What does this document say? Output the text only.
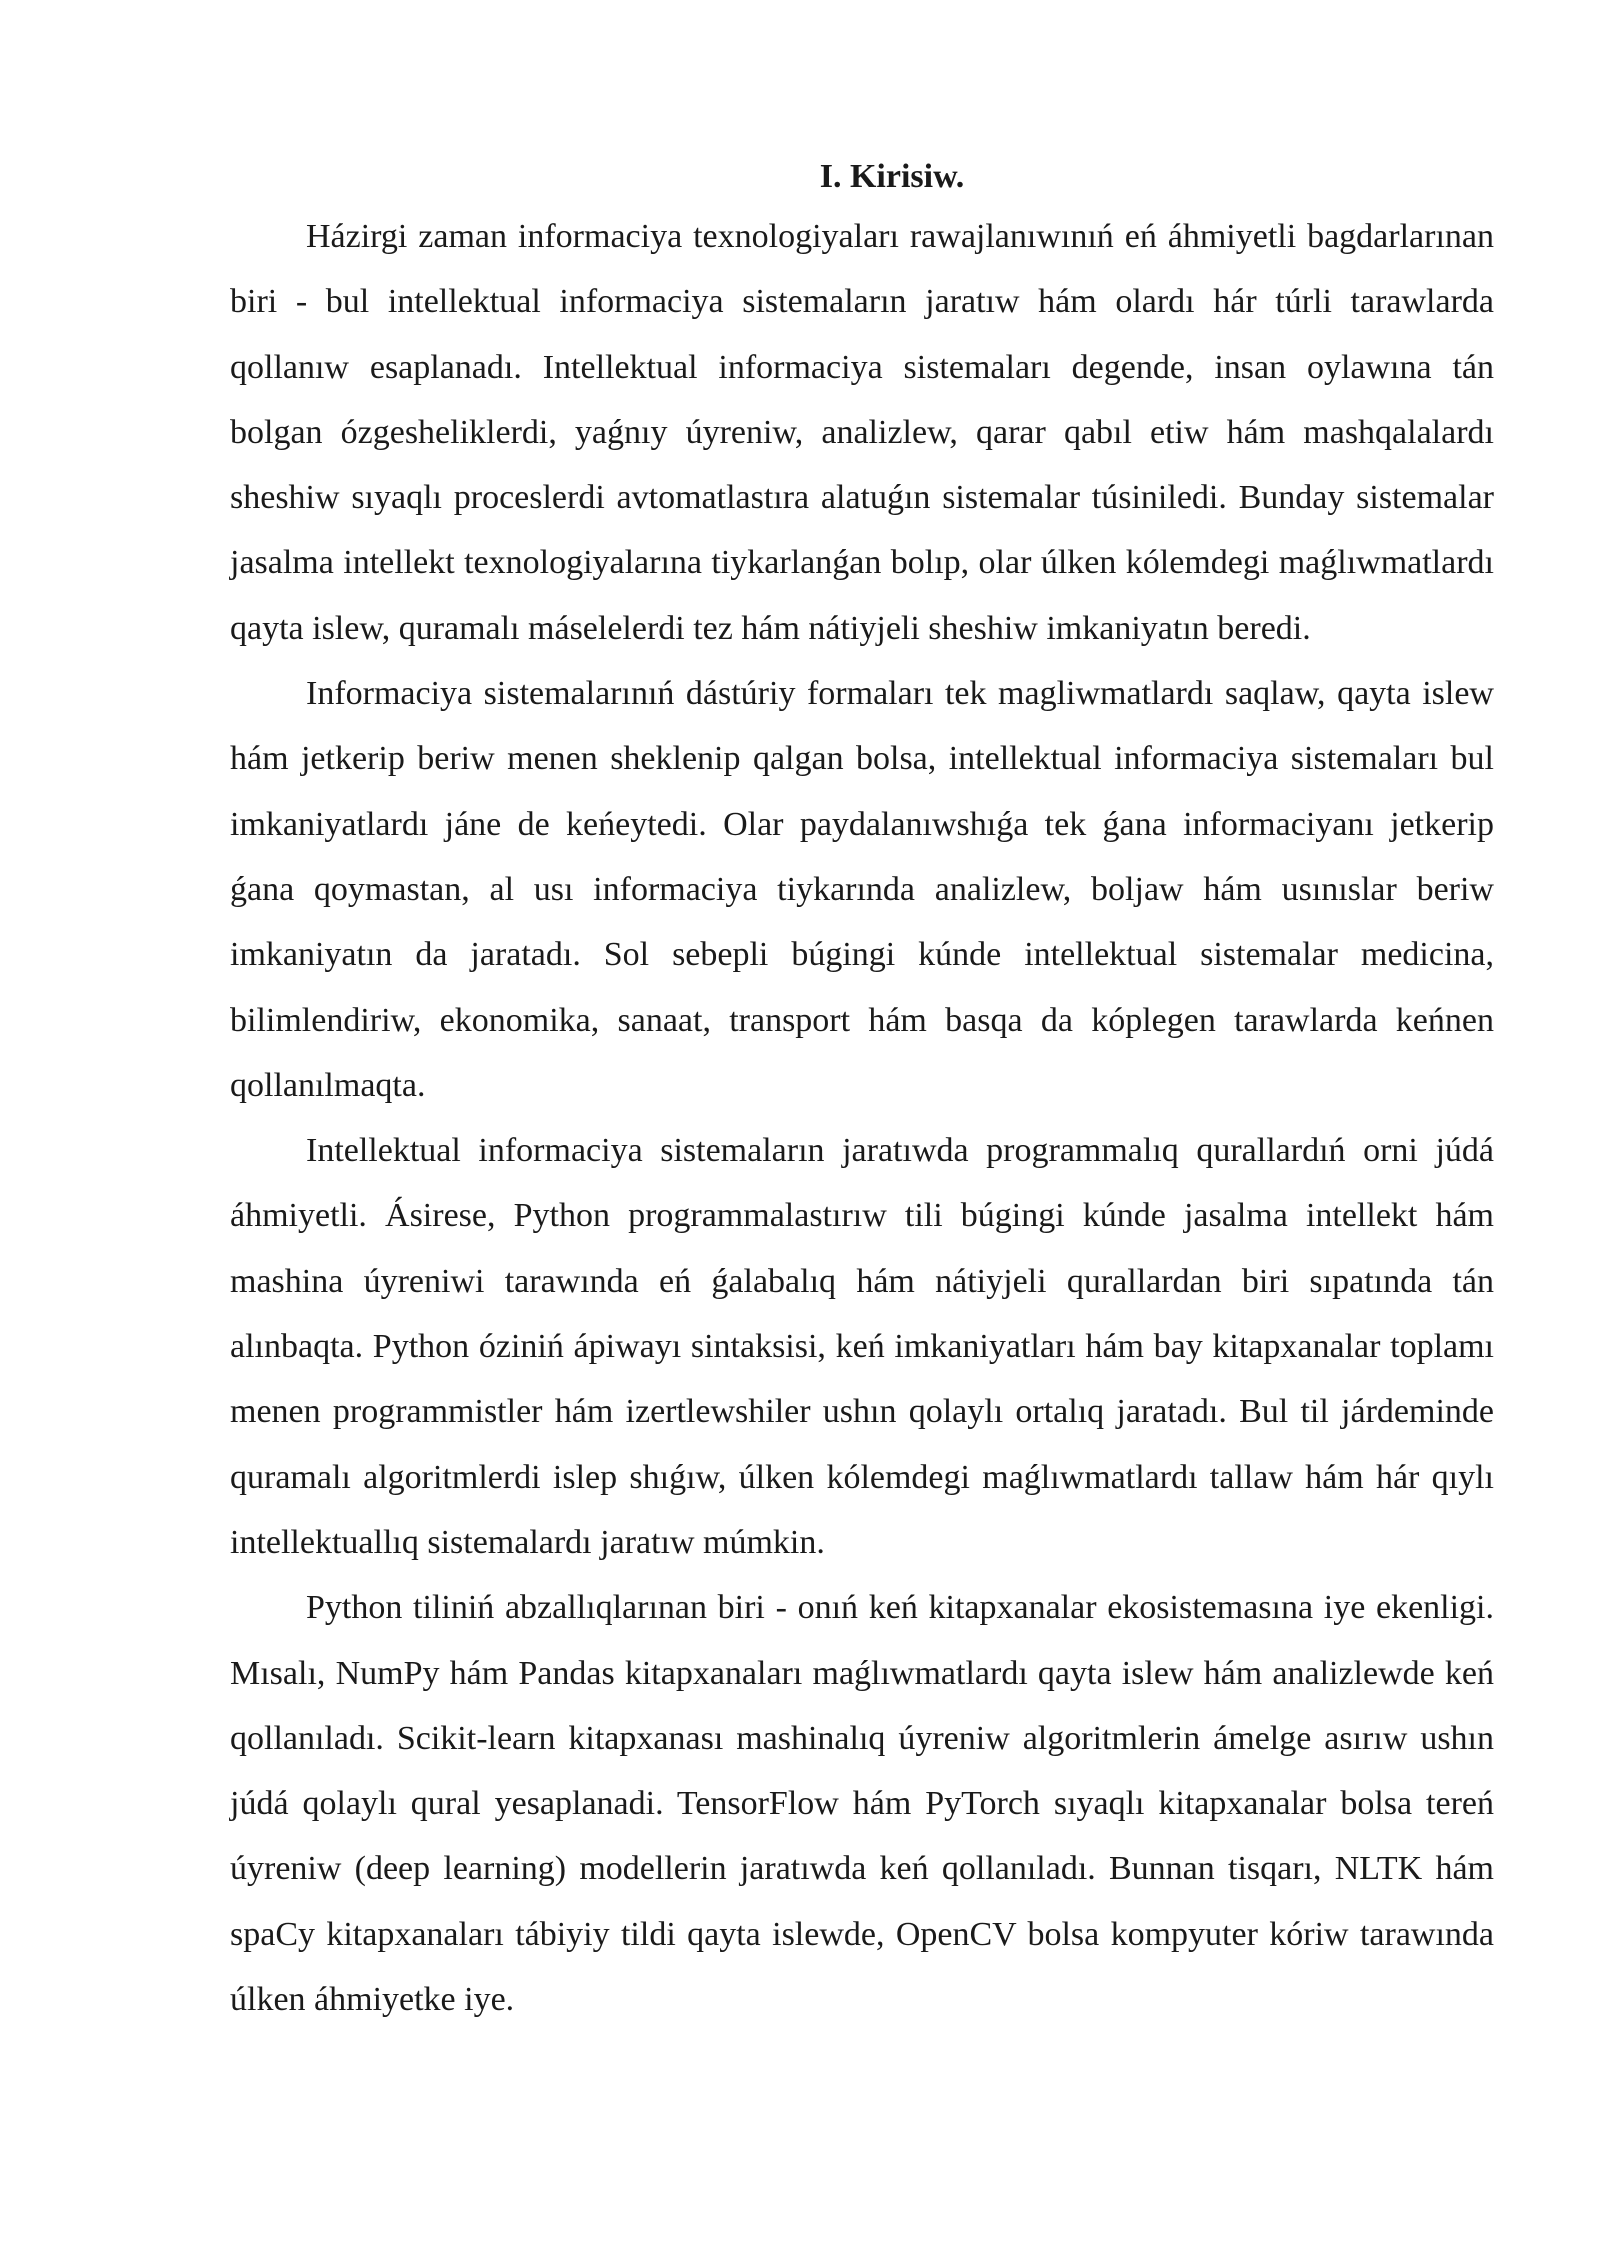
I. Kirisiw.

Házirgi zaman informaciya texnologiyaları rawajlanıwınıń eń áhmiyetli bagdarlarınan biri - bul intellektual informaciya sistemaların jaratıw hám olardı hár túrli tarawlarda qollanıw esaplanadı. Intellektual informaciya sistemaları degende, insan oylawına tán bolgan ózgesheliklerdi, yaǵnıy úyreniw, analizlew, qarar qabıl etiw hám mashqalalardı sheshiw sıyaqlı proceslerdi avtomatlastıra alatuǵın sistemalar túsiniledi. Bunday sistemalar jasalma intellekt texnologiyalarına tiykarlanǵan bolıp, olar úlken kólemdegi maǵlıwmatlardı qayta islew, quramalı máselelerdi tez hám nátiyjeli sheshiw imkaniyatın beredi.

Informaciya sistemalarınıń dástúriy formaları tek magliwmatlardı saqlaw, qayta islew hám jetkerip beriw menen sheklenip qalgan bolsa, intellektual informaciya sistemaları bul imkaniyatlardı jáne de keńeytedi. Olar paydalanıwshıǵa tek ǵana informaciyanı jetkerip ǵana qoymastan, al usı informaciya tiykarında analizlew, boljaw hám usınıslar beriw imkaniyatın da jaratadı. Sol sebepli búgingi kúnde intellektual sistemalar medicina, bilimlendiriw, ekonomika, sanaat, transport hám basqa da kóplegen tarawlarda keńnen qollanılmaqta.

Intellektual informaciya sistemaların jaratıwda programmalıq qurallardıń orni júdá áhmiyetli. Ásirese, Python programmalastırıw tili búgingi kúnde jasalma intellekt hám mashina úyreniwi tarawında eń ǵalabalıq hám nátiyjeli qurallardan biri sıpatında tán alınbaqta. Python óziniń ápiwayı sintaksisi, keń imkaniyatları hám bay kitapxanalar toplamı menen programmistler hám izertlewshiler ushın qolaylı ortalıq jaratadı. Bul til járdeminde quramalı algoritmlerdi islep shıǵıw, úlken kólemdegi maǵlıwmatlardı tallaw hám hár qıylı intellektuallıq sistemalardı jaratıw múmkin.

Python tiliniń abzallıqlarınan biri - onıń keń kitapxanalar ekosistemasına iye ekenligi. Mısalı, NumPy hám Pandas kitapxanaları maǵlıwmatlardı qayta islew hám analizlewde keń qollanıladı. Scikit-learn kitapxanası mashinalıq úyreniw algoritmlerin ámelge asırıw ushın júdá qolaylı qural yesaplanadi. TensorFlow hám PyTorch sıyaqlı kitapxanalar bolsa tereń úyreniw (deep learning) modellerin jaratıwda keń qollanıladı. Bunnan tisqarı, NLTK hám spaCy kitapxanaları tábiyiy tildi qayta islewde, OpenCV bolsa kompyuter kóriw tarawında úlken áhmiyetke iye.
